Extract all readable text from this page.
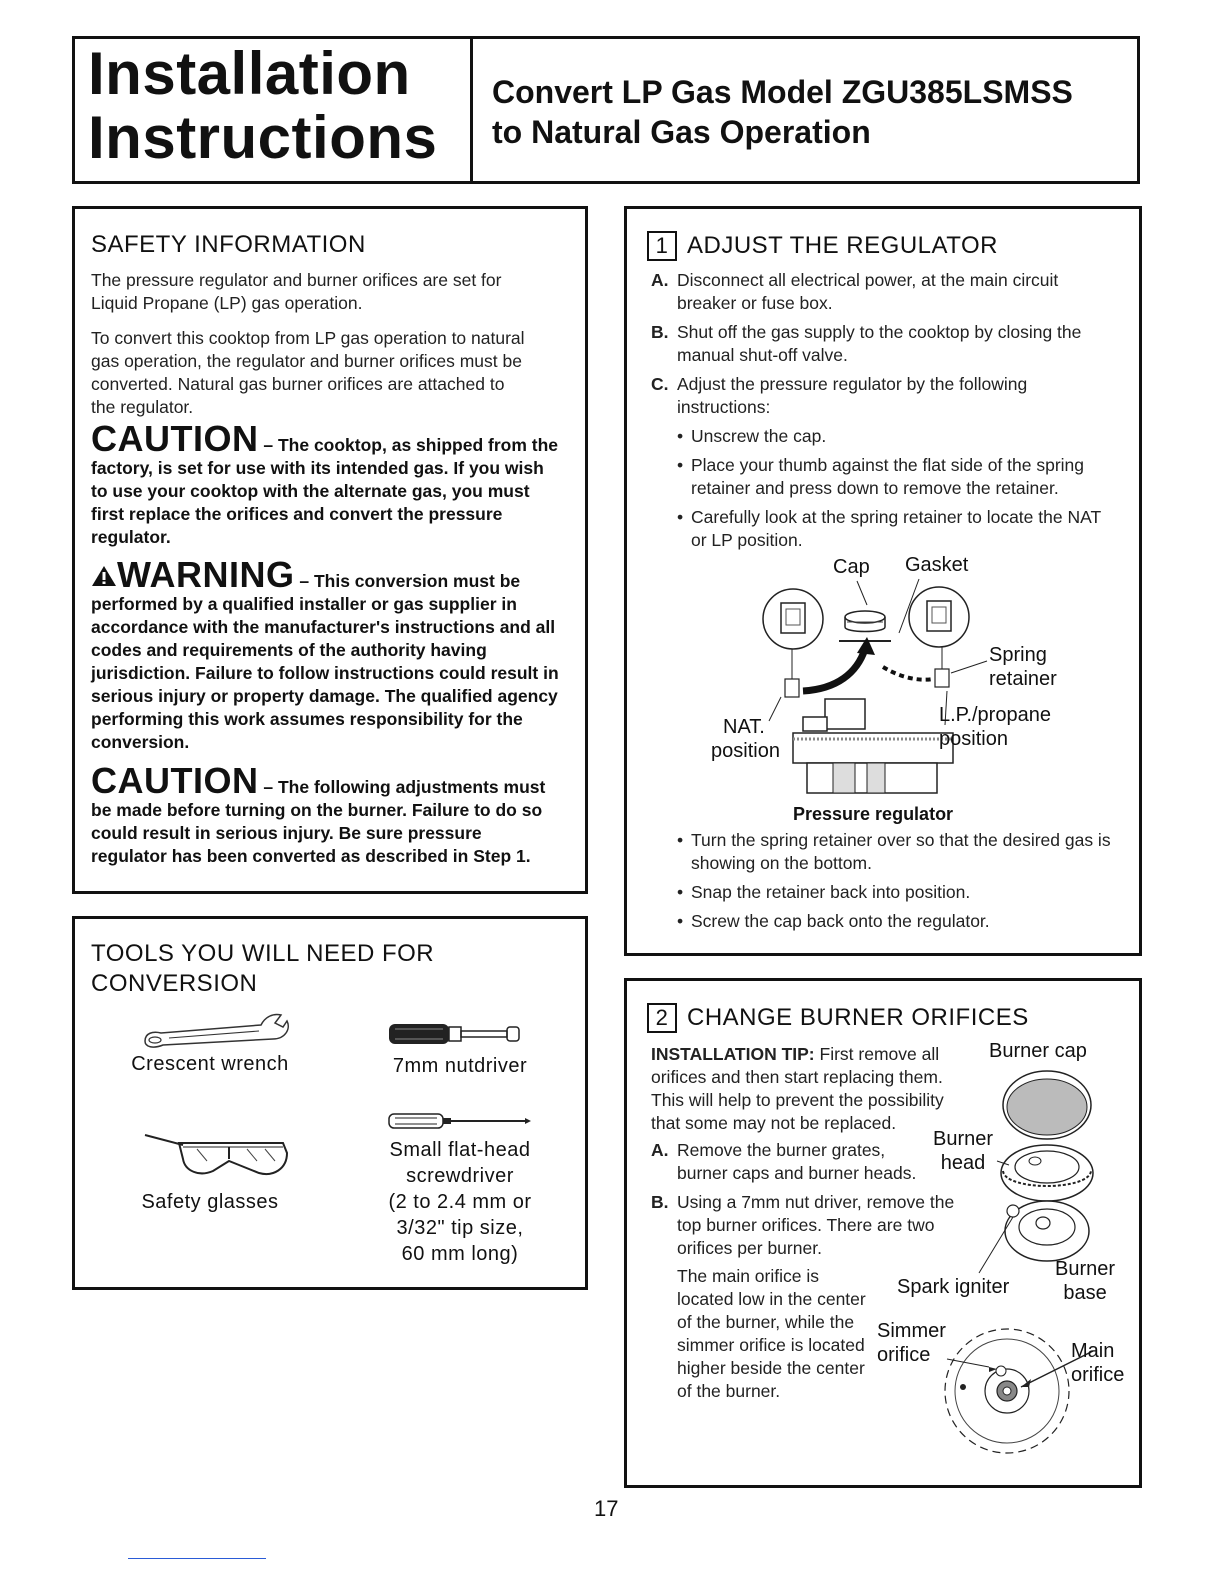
Installation
Instructions
Convert LP Gas Model ZGU385LSMSS
to Natural Gas Operation
SAFETY INFORMATION
The pressure regulator and burner orifices are set for Liquid Propane (LP) gas operation.
To convert this cooktop from LP gas operation to natural gas operation, the regulator and burner orifices must be converted. Natural gas burner orifices are attached to the regulator.
CAUTION – The cooktop, as shipped from the factory, is set for use with its intended gas. If you wish to use your cooktop with the alternate gas, you must first replace the orifices and convert the pressure regulator.
WARNING – This conversion must be performed by a qualified installer or gas supplier in accordance with the manufacturer's instructions and all codes and requirements of the authority having jurisdiction. Failure to follow instructions could result in serious injury or property damage. The qualified agency performing this work assumes responsibility for the conversion.
CAUTION – The following adjustments must be made before turning on the burner. Failure to do so could result in serious injury. Be sure pressure regulator has been converted as described in Step 1.
TOOLS YOU WILL NEED FOR
CONVERSION
Crescent wrench	7mm nutdriver
Safety glasses
Small flat-head
screwdriver
(2 to 2.4 mm or
3/32" tip size,
60 mm long)
1 ADJUST THE REGULATOR
A. Disconnect all electrical power, at the main circuit breaker or fuse box.
B. Shut off the gas supply to the cooktop by closing the manual shut-off valve.
C. Adjust the pressure regulator by the following instructions:
• Unscrew the cap.
• Place your thumb against the flat side of the spring retainer and press down to remove the retainer.
• Carefully look at the spring retainer to locate the NAT or LP position.
Cap Gasket
Spring
retainer
NAT.
position
L.P./propane
position
Pressure regulator
• Turn the spring retainer over so that the desired gas is showing on the bottom.
• Snap the retainer back into position.
• Screw the cap back onto the regulator.
2 CHANGE BURNER ORIFICES
INSTALLATION TIP: First remove all
orifices and then start replacing them.
This will help to prevent the possibility
that some may not be replaced.
A. Remove the burner grates,
burner caps and burner heads.
B. Using a 7mm nut driver, remove the
top burner orifices. There are two
orifices per burner.
The main orifice is
located low in the center
of the burner, while the
simmer orifice is located
higher beside the center
of the burner.
Burner cap
Burner
head
Spark igniter
Burner
base
Simmer
orifice	Main
orifice
17
